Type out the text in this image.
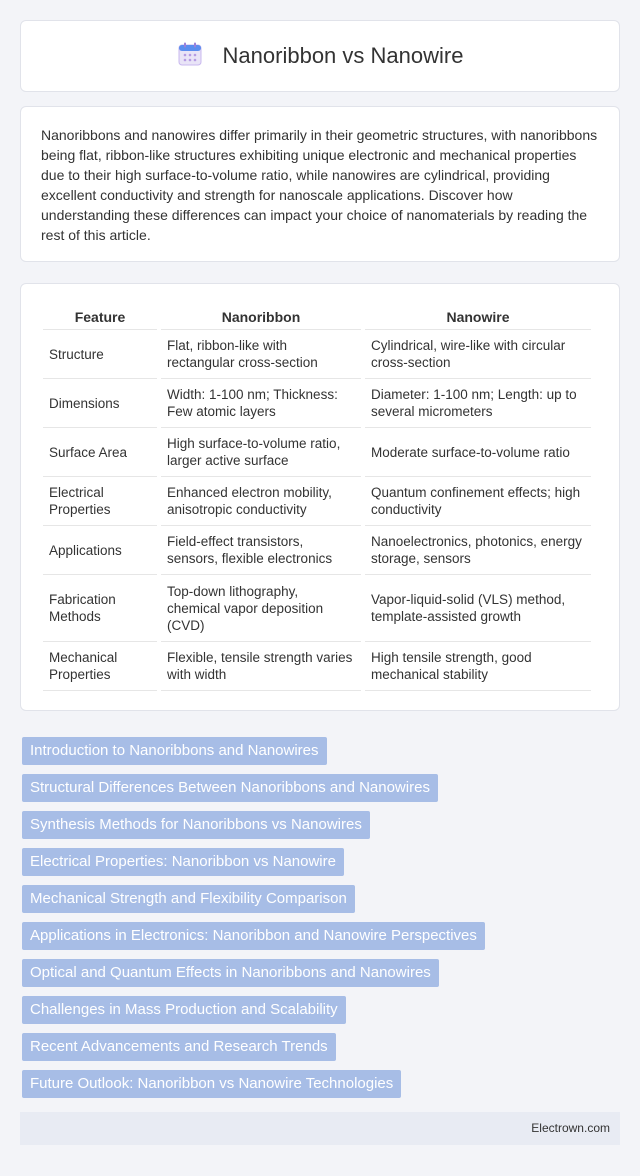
Nanoribbon vs Nanowire

Nanoribbons and nanowires differ primarily in their geometric structures, with nanoribbons being flat, ribbon-like structures exhibiting unique electronic and mechanical properties due to their high surface-to-volume ratio, while nanowires are cylindrical, providing excellent conductivity and strength for nanoscale applications. Discover how understanding these differences can impact your choice of nanomaterials by reading the rest of this article.

Feature	Nanoribbon	Nanowire
Structure	Flat, ribbon-like with rectangular cross-section	Cylindrical, wire-like with circular cross-section
Dimensions	Width: 1-100 nm; Thickness: Few atomic layers	Diameter: 1-100 nm; Length: up to several micrometers
Surface Area	High surface-to-volume ratio, larger active surface	Moderate surface-to-volume ratio
Electrical Properties	Enhanced electron mobility, anisotropic conductivity	Quantum confinement effects; high conductivity
Applications	Field-effect transistors, sensors, flexible electronics	Nanoelectronics, photonics, energy storage, sensors
Fabrication Methods	Top-down lithography, chemical vapor deposition (CVD)	Vapor-liquid-solid (VLS) method, template-assisted growth
Mechanical Properties	Flexible, tensile strength varies with width	High tensile strength, good mechanical stability
Introduction to Nanoribbons and Nanowires
Structural Differences Between Nanoribbons and Nanowires
Synthesis Methods for Nanoribbons vs Nanowires
Electrical Properties: Nanoribbon vs Nanowire
Mechanical Strength and Flexibility Comparison
Applications in Electronics: Nanoribbon and Nanowire Perspectives
Optical and Quantum Effects in Nanoribbons and Nanowires
Challenges in Mass Production and Scalability
Recent Advancements and Research Trends
Future Outlook: Nanoribbon vs Nanowire Technologies
Electrown.com
